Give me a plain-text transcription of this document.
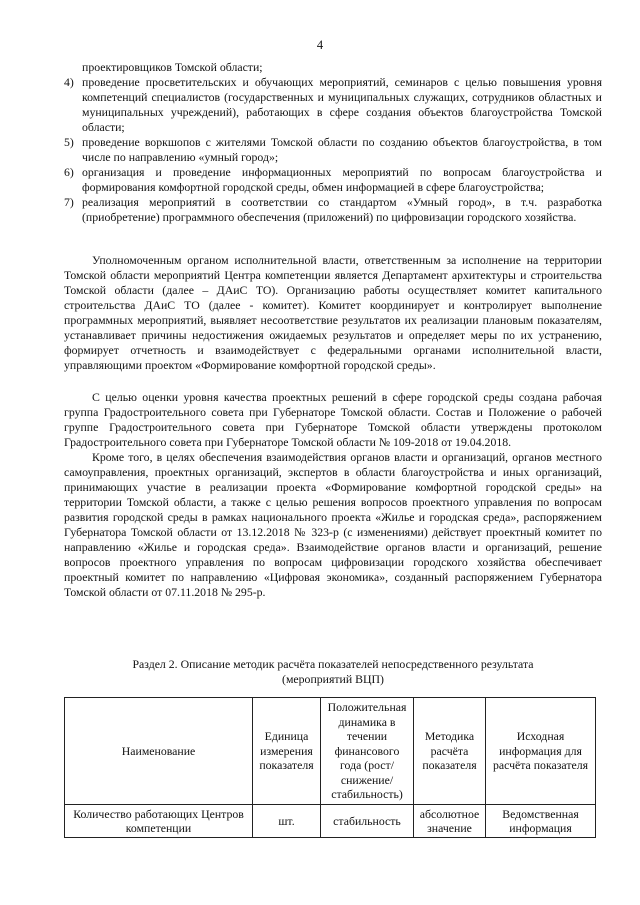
4
проектировщиков Томской области;
4) проведение просветительских и обучающих мероприятий, семинаров с целью повышения уровня компетенций специалистов (государственных и муниципальных служащих, сотрудников областных и муниципальных учреждений), работающих в сфере создания объектов благоустройства Томской области;
5) проведение воркшопов с жителями Томской области по созданию объектов благоустройства, в том числе по направлению «умный город»;
6) организация и проведение информационных мероприятий по вопросам благоустройства и формирования комфортной городской среды, обмен информацией в сфере благоустройства;
7) реализация мероприятий в соответствии со стандартом «Умный город», в т.ч. разработка (приобретение) программного обеспечения (приложений) по цифровизации городского хозяйства.

Уполномоченным органом исполнительной власти, ответственным за исполнение на территории Томской области мероприятий Центра компетенции является Департамент архитектуры и строительства Томской области (далее – ДАиС ТО). Организацию работы осуществляет комитет капитального строительства ДАиС ТО (далее - комитет). Комитет координирует и контролирует выполнение программных мероприятий, выявляет несоответствие результатов их реализации плановым показателям, устанавливает причины недостижения ожидаемых результатов и определяет меры по их устранению, формирует отчетность и взаимодействует с федеральными органами исполнительной власти, управляющими проектом «Формирование комфортной городской среды».

С целью оценки уровня качества проектных решений в сфере городской среды создана рабочая группа Градостроительного совета при Губернаторе Томской области. Состав и Положение о рабочей группе Градостроительного совета при Губернаторе Томской области утверждены протоколом Градостроительного совета при Губернаторе Томской области № 109-2018 от 19.04.2018.

Кроме того, в целях обеспечения взаимодействия органов власти и организаций, органов местного самоуправления, проектных организаций, экспертов в области благоустройства и иных организаций, принимающих участие в реализации проекта «Формирование комфортной городской среды» на территории Томской области, а также с целью решения вопросов проектного управления по вопросам развития городской среды в рамках национального проекта «Жилье и городская среда», распоряжением Губернатора Томской области от 13.12.2018 № 323-р (с изменениями) действует проектный комитет по направлению «Жилье и городская среда». Взаимодействие органов власти и организаций, решение вопросов проектного управления по вопросам цифровизации городского хозяйства обеспечивает проектный комитет по направлению «Цифровая экономика», созданный распоряжением Губернатора Томской области от 07.11.2018 № 295-р.

Раздел 2. Описание методик расчёта показателей непосредственного результата
(мероприятий ВЦП)
Наименование	Единица измерения показателя	Положительная динамика в течении финансового года (рост/снижение/стабильность)	Методика расчёта показателя	Исходная информация для расчёта показателя
Количество работающих Центров компетенции	шт.	стабильность	абсолютное значение	Ведомственная информация
